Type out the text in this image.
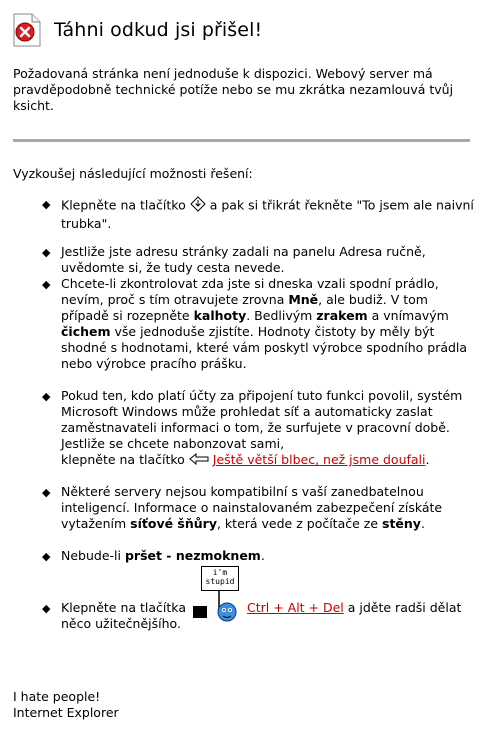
Táhni odkud jsi přišel!
Požadovaná stránka není jednoduše k dispozici. Webový server má pravděpodobně technické potíže nebo se mu zkrátka nezamlouvá tvůj ksicht.
Vyzkoušej následující možnosti řešení:
◆ Klepněte na tlačítko a pak si třikrát řekněte "To jsem ale naivní trubka".
◆ Jestliže jste adresu stránky zadali na panelu Adresa ručně, uvědomte si, že tudy cesta nevede.
◆ Chcete-li zkontrolovat zda jste si dneska vzali spodní prádlo, nevím, proč s tím otravujete zrovna Mně, ale budiž. V tom případě si rozepněte kalhoty. Bedlivým zrakem a vnímavým čichem vše jednoduše zjistíte. Hodnoty čistoty by měly být shodné s hodnotami, které vám poskytl výrobce spodního prádla nebo výrobce pracího prášku.
◆ Pokud ten, kdo platí účty za připojení tuto funkci povolil, systém Microsoft Windows může prohledat síť a automaticky zaslat zaměstnavateli informaci o tom, že surfujete v pracovní době.
Jestliže se chcete nabonzovat sami,
klepněte na tlačítko Ještě větší blbec, než jsme doufali.
◆ Některé servery nejsou kompatibilní s vaší zanedbatelnou inteligencí. Informace o nainstalovaném zabezpečení získáte vytažením síťové šňůry, která vede z počítače ze stěny.
◆ Nebude-li pršet - nezmoknem.
◆ Klepněte na tlačítka
i'm
stupid
Ctrl + Alt + Del a jděte radši dělat něco užitečnějšího.
I hate people!
Internet Explorer
